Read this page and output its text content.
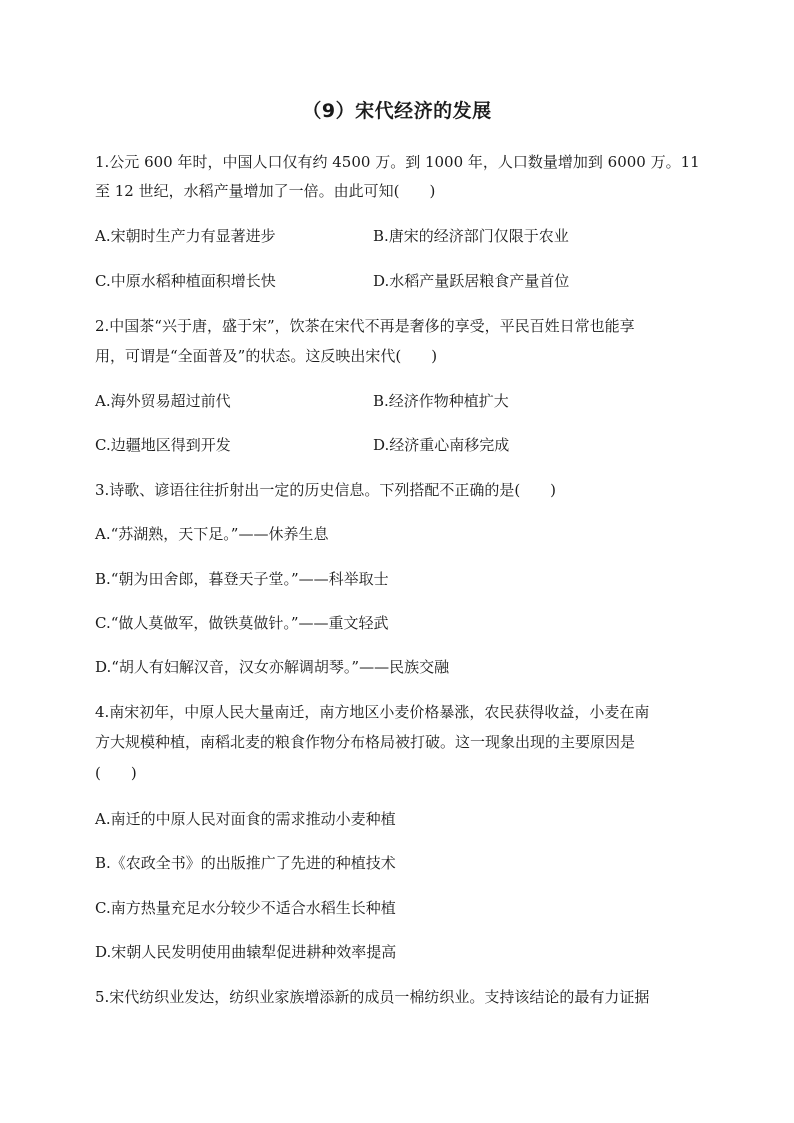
（9）宋代经济的发展
1.公元 600 年时，中国人口仅有约 4500 万。到 1000 年，人口数量增加到 6000 万。11
至 12 世纪，水稻产量增加了一倍。由此可知(　　)
A.宋朝时生产力有显著进步	B.唐宋的经济部门仅限于农业
C.中原水稻种植面积增长快	D.水稻产量跃居粮食产量首位
2.中国茶“兴于唐，盛于宋”，饮茶在宋代不再是奢侈的享受，平民百姓日常也能享
用，可谓是“全面普及”的状态。这反映出宋代(　　)
A.海外贸易超过前代	B.经济作物种植扩大
C.边疆地区得到开发	D.经济重心南移完成
3.诗歌、谚语往往折射出一定的历史信息。下列搭配不正确的是(　　)
A.“苏湖熟，天下足。”——休养生息
B.“朝为田舍郎，暮登天子堂。”——科举取士
C.“做人莫做军，做铁莫做针。”——重文轻武
D.“胡人有妇解汉音，汉女亦解调胡琴。”——民族交融
4.南宋初年，中原人民大量南迁，南方地区小麦价格暴涨，农民获得收益，小麦在南
方大规模种植，南稻北麦的粮食作物分布格局被打破。这一现象出现的主要原因是
(　　)
A.南迁的中原人民对面食的需求推动小麦种植
B.《农政全书》的出版推广了先进的种植技术
C.南方热量充足水分较少不适合水稻生长种植
D.宋朝人民发明使用曲辕犁促进耕种效率提高
5.宋代纺织业发达，纺织业家族增添新的成员一棉纺织业。支持该结论的最有力证据
